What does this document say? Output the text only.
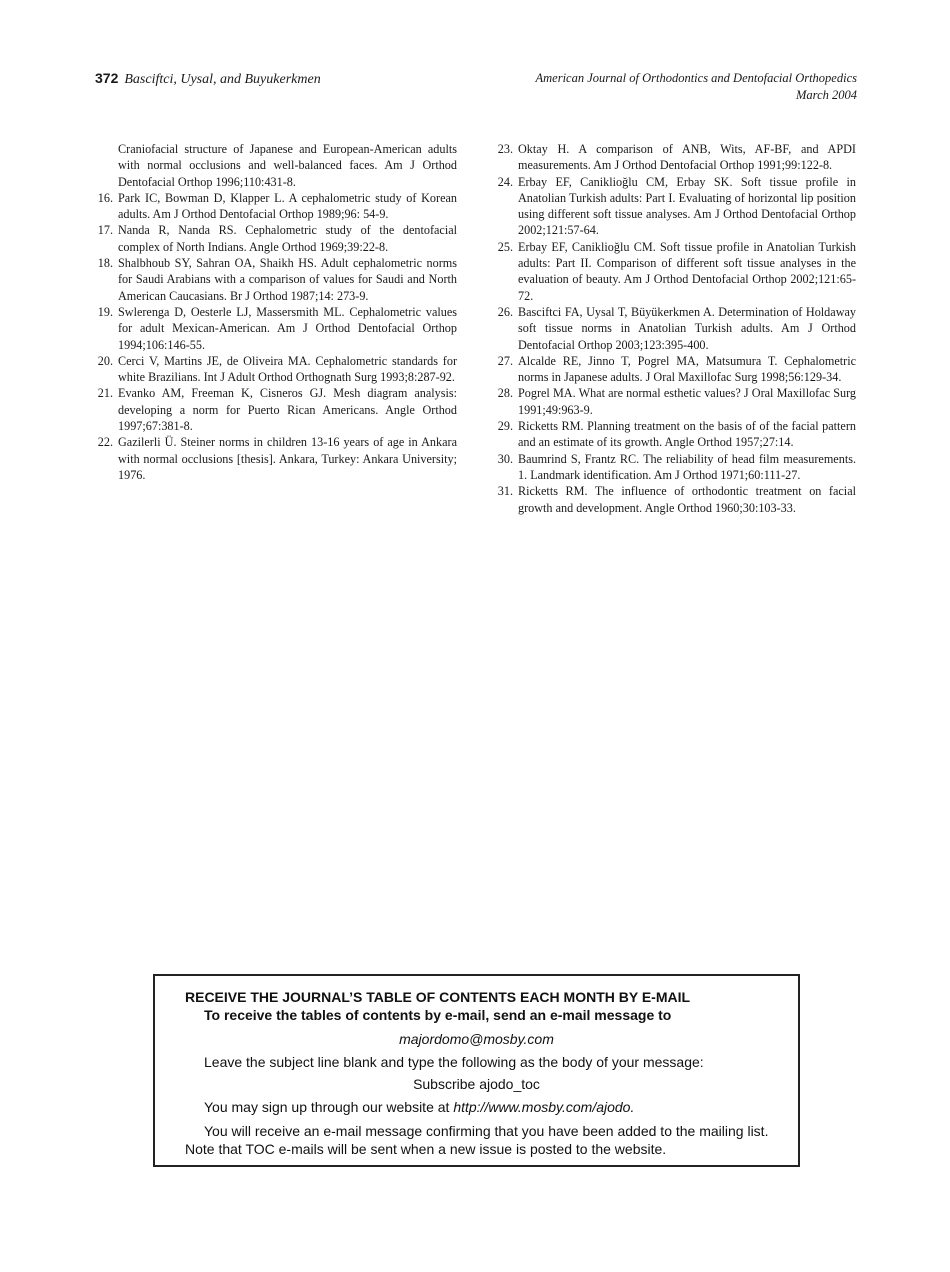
372 Basciftci, Uysal, and Buyukerkmen	American Journal of Orthodontics and Dentofacial Orthopedics
March 2004
Craniofacial structure of Japanese and European-American adults with normal occlusions and well-balanced faces. Am J Orthod Dentofacial Orthop 1996;110:431-8.
16. Park IC, Bowman D, Klapper L. A cephalometric study of Korean adults. Am J Orthod Dentofacial Orthop 1989;96: 54-9.
17. Nanda R, Nanda RS. Cephalometric study of the dentofacial complex of North Indians. Angle Orthod 1969;39:22-8.
18. Shalbhoub SY, Sahran OA, Shaikh HS. Adult cephalometric norms for Saudi Arabians with a comparison of values for Saudi and North American Caucasians. Br J Orthod 1987;14: 273-9.
19. Swlerenga D, Oesterle LJ, Massersmith ML. Cephalometric values for adult Mexican-American. Am J Orthod Dentofacial Orthop 1994;106:146-55.
20. Cerci V, Martins JE, de Oliveira MA. Cephalometric standards for white Brazilians. Int J Adult Orthod Orthognath Surg 1993;8:287-92.
21. Evanko AM, Freeman K, Cisneros GJ. Mesh diagram analysis: developing a norm for Puerto Rican Americans. Angle Orthod 1997;67:381-8.
22. Gazilerli Ü. Steiner norms in children 13-16 years of age in Ankara with normal occlusions [thesis]. Ankara, Turkey: Ankara University; 1976.
23. Oktay H. A comparison of ANB, Wits, AF-BF, and APDI measurements. Am J Orthod Dentofacial Orthop 1991;99:122-8.
24. Erbay EF, Caniklioğlu CM, Erbay SK. Soft tissue profile in Anatolian Turkish adults: Part I. Evaluating of horizontal lip position using different soft tissue analyses. Am J Orthod Dentofacial Orthop 2002;121:57-64.
25. Erbay EF, Caniklioğlu CM. Soft tissue profile in Anatolian Turkish adults: Part II. Comparison of different soft tissue analyses in the evaluation of beauty. Am J Orthod Dentofacial Orthop 2002;121:65-72.
26. Basciftci FA, Uysal T, Büyükerkmen A. Determination of Holdaway soft tissue norms in Anatolian Turkish adults. Am J Orthod Dentofacial Orthop 2003;123:395-400.
27. Alcalde RE, Jinno T, Pogrel MA, Matsumura T. Cephalometric norms in Japanese adults. J Oral Maxillofac Surg 1998;56:129-34.
28. Pogrel MA. What are normal esthetic values? J Oral Maxillofac Surg 1991;49:963-9.
29. Ricketts RM. Planning treatment on the basis of of the facial pattern and an estimate of its growth. Angle Orthod 1957;27:14.
30. Baumrind S, Frantz RC. The reliability of head film measurements. 1. Landmark identification. Am J Orthod 1971;60:111-27.
31. Ricketts RM. The influence of orthodontic treatment on facial growth and development. Angle Orthod 1960;30:103-33.
RECEIVE THE JOURNAL’S TABLE OF CONTENTS EACH MONTH BY E-MAIL
To receive the tables of contents by e-mail, send an e-mail message to
majordomo@mosby.com
Leave the subject line blank and type the following as the body of your message:
Subscribe ajodo_toc
You may sign up through our website at http://www.mosby.com/ajodo.
You will receive an e-mail message confirming that you have been added to the mailing list. Note that TOC e-mails will be sent when a new issue is posted to the website.
